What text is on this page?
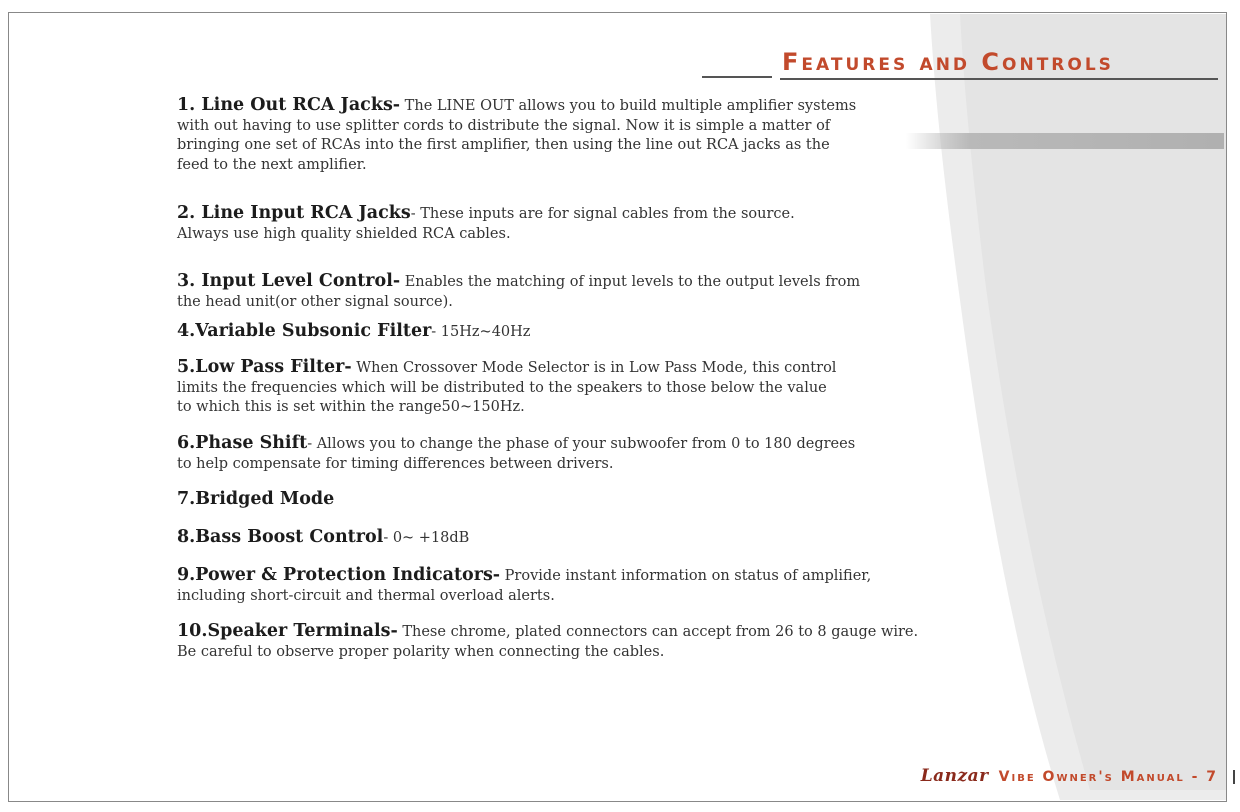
Features and Controls
1. Line Out RCA Jacks- The LINE OUT allows you to build multiple amplifier systems
with out having to use splitter cords to distribute the signal. Now it is simple a matter of
bringing one set of RCAs into the first amplifier, then using the line out RCA jacks as the
feed to the next amplifier.
2. Line Input RCA Jacks- These inputs are for signal cables from the source.
Always use high quality shielded RCA cables.
3. Input Level Control- Enables the matching of input levels to the output levels from
the head unit(or other signal source).
4.Variable Subsonic Filter- 15Hz~40Hz
5.Low Pass Filter- When Crossover Mode Selector is in Low Pass Mode, this control
limits the frequencies which will be distributed to the speakers to those below the value
to which this is set within the range50~150Hz.
6.Phase Shift- Allows you to change the phase of your subwoofer from 0 to 180 degrees
to help compensate for timing differences between drivers.
7.Bridged Mode
8.Bass Boost Control- 0~ +18dB
9.Power & Protection Indicators- Provide instant information on status of amplifier,
including short-circuit and thermal overload alerts.
10.Speaker Terminals- These chrome, plated connectors can accept from 26 to 8 gauge wire.
Be careful to observe proper polarity when connecting the cables.
Lanzar Vibe Owner's Manual - 7
